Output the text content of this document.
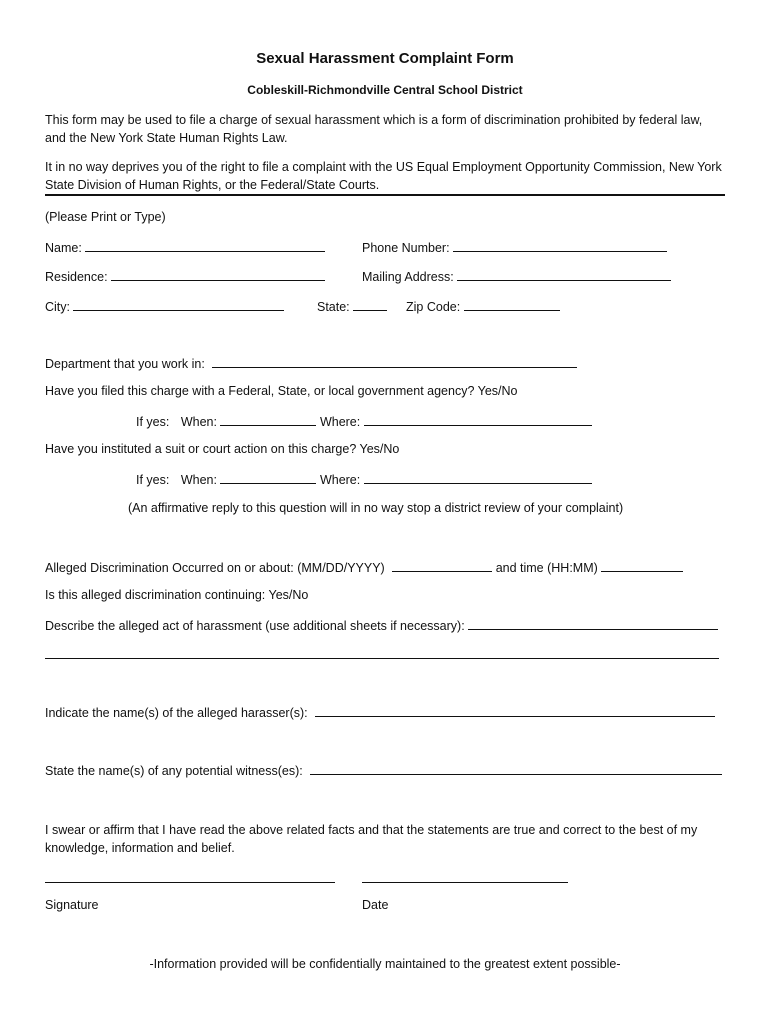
Sexual Harassment Complaint Form
Cobleskill-Richmondville Central School District
This form may be used to file a charge of sexual harassment which is a form of discrimination prohibited by federal law, and the New York State Human Rights Law.
It in no way deprives you of the right to file a complaint with the US Equal Employment Opportunity Commission, New York State Division of Human Rights, or the Federal/State Courts.
(Please Print or Type)
Name:	Phone Number:
Residence:	Mailing Address:
City:	State:	Zip Code:
Department that you work in:
Have you filed this charge with a Federal, State, or local government agency? Yes/No
If yes: When:	Where:
Have you instituted a suit or court action on this charge? Yes/No
If yes: When:	Where:
(An affirmative reply to this question will in no way stop a district review of your complaint)
Alleged Discrimination Occurred on or about: (MM/DD/YYYY)	and time (HH:MM)
Is this alleged discrimination continuing: Yes/No
Describe the alleged act of harassment (use additional sheets if necessary):
Indicate the name(s) of the alleged harasser(s):
State the name(s) of any potential witness(es):
I swear or affirm that I have read the above related facts and that the statements are true and correct to the best of my knowledge, information and belief.
Signature	Date
-Information provided will be confidentially maintained to the greatest extent possible-
